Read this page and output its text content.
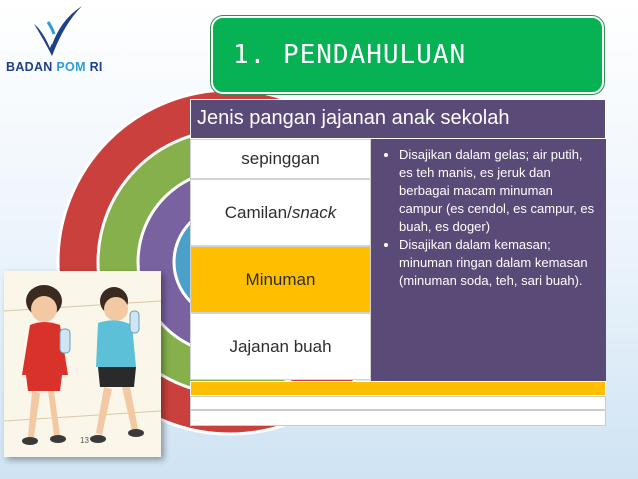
BADAN POM RI	1. PENDAHULUAN
Jenis pangan jajanan anak sekolah
sepinggan
Camilan/ snack
Minuman
Jajanan buah
• Disajikan dalam gelas; air putih, es teh manis, es jeruk dan berbagai macam minuman campur (es cendol, es campur, es buah, es doger)
• Disajikan dalam kemasan; minuman ringan dalam kemasan (minuman soda, teh, sari buah).
13
